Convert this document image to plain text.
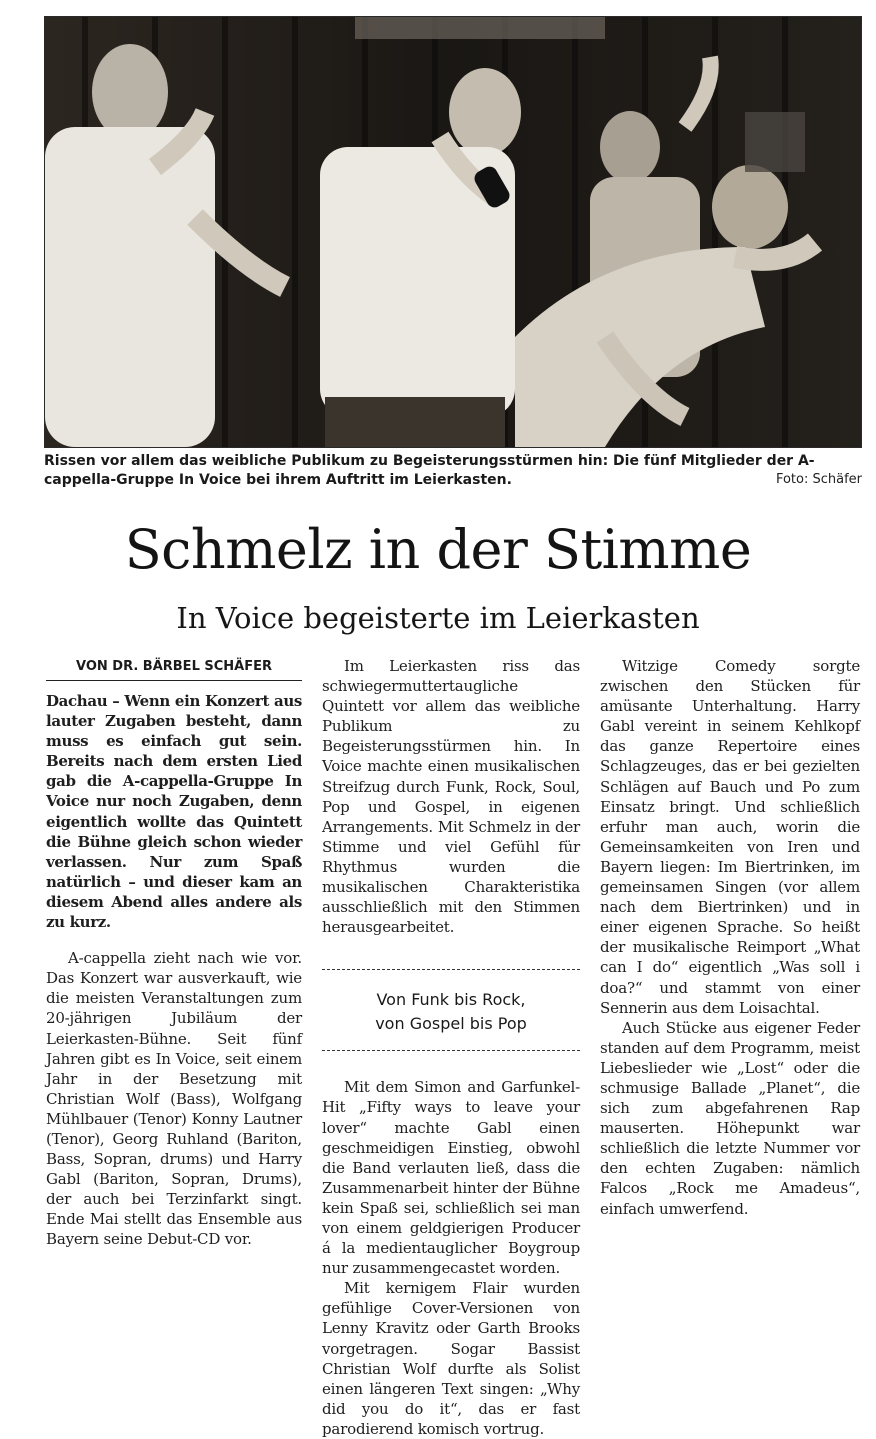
Rissen vor allem das weibliche Publikum zu Begeisterungsstürmen hin: Die fünf Mitglieder der A-cappella-Gruppe In Voice bei ihrem Auftritt im Leierkasten.	Foto: Schäfer
Schmelz in der Stimme
In Voice begeisterte im Leierkasten
VON DR. BÄRBEL SCHÄFER

Dachau – Wenn ein Konzert aus lauter Zugaben besteht, dann muss es einfach gut sein. Bereits nach dem ersten Lied gab die A-cappella-Gruppe In Voice nur noch Zugaben, denn eigentlich wollte das Quintett die Bühne gleich schon wieder verlassen. Nur zum Spaß natürlich – und dieser kam an diesem Abend alles andere als zu kurz.

A-cappella zieht nach wie vor. Das Konzert war ausverkauft, wie die meisten Veranstaltungen zum 20-jährigen Jubiläum der Leierkasten-Bühne. Seit fünf Jahren gibt es In Voice, seit einem Jahr in der Besetzung mit Christian Wolf (Bass), Wolfgang Mühlbauer (Tenor) Konny Lautner (Tenor), Georg Ruhland (Bariton, Bass, Sopran, drums) und Harry Gabl (Bariton, Sopran, Drums), der auch bei Terzinfarkt singt. Ende Mai stellt das Ensemble aus Bayern seine Debut-CD vor.

Im Leierkasten riss das schwiegermuttertaugliche Quintett vor allem das weibliche Publikum zu Begeisterungsstürmen hin. In Voice machte einen musikalischen Streifzug durch Funk, Rock, Soul, Pop und Gospel, in eigenen Arrangements. Mit Schmelz in der Stimme und viel Gefühl für Rhythmus wurden die musikalischen Charakteristika ausschließlich mit den Stimmen herausgearbeitet.

Von Funk bis Rock,
von Gospel bis Pop

Mit dem Simon and Garfunkel-Hit „Fifty ways to leave your lover“ machte Gabl einen geschmeidigen Einstieg, obwohl die Band verlauten ließ, dass die Zusammenarbeit hinter der Bühne kein Spaß sei, schließlich sei man von einem geldgierigen Producer á la medientauglicher Boygroup nur zusammengecastet worden.

Mit kernigem Flair wurden gefühlige Cover-Versionen von Lenny Kravitz oder Garth Brooks vorgetragen. Sogar Bassist Christian Wolf durfte als Solist einen längeren Text singen: „Why did you do it“, das er fast parodierend komisch vortrug.

Witzige Comedy sorgte zwischen den Stücken für amüsante Unterhaltung. Harry Gabl vereint in seinem Kehlkopf das ganze Repertoire eines Schlagzeuges, das er bei gezielten Schlägen auf Bauch und Po zum Einsatz bringt. Und schließlich erfuhr man auch, worin die Gemeinsamkeiten von Iren und Bayern liegen: Im Biertrinken, im gemeinsamen Singen (vor allem nach dem Biertrinken) und in einer eigenen Sprache. So heißt der musikalische Reimport „What can I do“ eigentlich „Was soll i doa?“ und stammt von einer Sennerin aus dem Loisachtal.

Auch Stücke aus eigener Feder standen auf dem Programm, meist Liebeslieder wie „Lost“ oder die schmusige Ballade „Planet“, die sich zum abgefahrenen Rap mauserten. Höhepunkt war schließlich die letzte Nummer vor den echten Zugaben: nämlich Falcos „Rock me Amadeus“, einfach umwerfend.
